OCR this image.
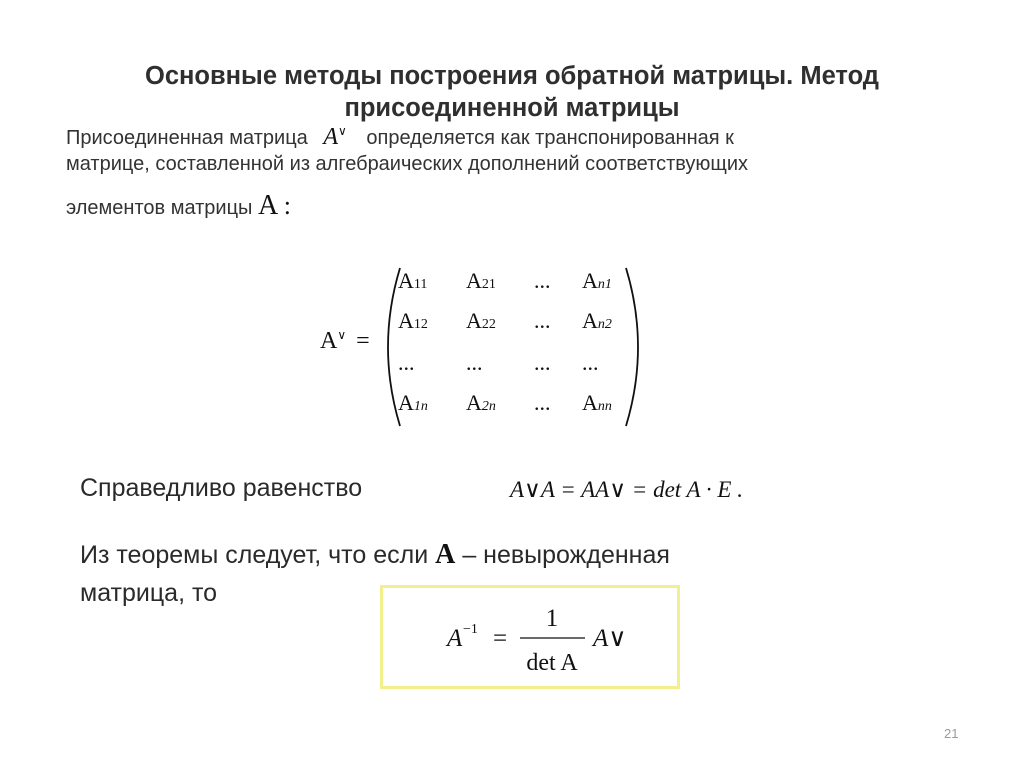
Основные методы построения обратной матрицы. Метод
присоединенной матрицы
Присоединенная матрица A∨ определяется как транспонированная к
матрице, составленной из алгебраических дополнений соответствующих
элементов матрицы A :
A∨ =
A11 A21 ... An1
A12 A22 ... An2
... ... ... ...
A1n A2n ... Ann
Справедливо равенство	A∨A = AA∨ = det A · E .
Из теоремы следует, что если A – невырожденная
матрица, то
A −1 =
1
det A
A∨
21
